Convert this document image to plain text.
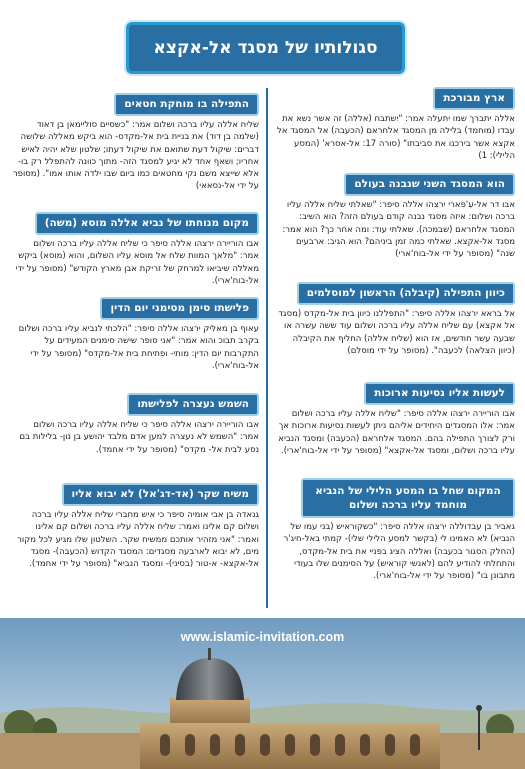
סגולותיו של מסגד אל-אקצא
ארץ מבורכת
אללה יתברך שמו יתעלה אמר: "יִשתבח (אללה) זה אשר נשא את עבדו (מוחמד) בלילה מן המסגד אלחראם (הכעבה) אל המסגד אל אקצא אשר בירכנו את סביבתו" (סורה 17: אל-אסרא' (המסע הלילי): 1)
הוא המסגד השני שנבנה בעולם
אבו דר אל-עִ'פארי ירצהו אללה סיפר: "שאלתי שליח אללה עליו ברכה ושלום: איזה מסגד נבנה קודם בעולם הזה? הוא השיב: המסגד אלחראם (שבמכה). שאלתי עוד: ומה אחר כך? הוא אמר: מסגד אל-אקצא. שאלתי כמה זמן ביניהם? הוא הגיב: ארבעים שנה" (מסופר על ידי אל-בוח'ארי)
כיוון התפילה (קיבלה) הראשון למוסלמים
אל בראא ירצהו אללה סיפר: "התפללנו כיוון בית אל-מקדס (מסגד אל אקצא) עם שליח אללה עליו ברכה ושלום עוד ששה עשרה או שבעה עשר חודשים, אז הוא (שליח אללה) החליף את הקיבלה (כיוון הצלאה) לכעבה". (מסופר על ידי מוסלם)
לעשות אליו נסיעות ארוכות
אבו הוריירה ירצהו אללה סיפר: "שליח אללה עליו ברכה ושלום אמר: אלו המסגדים היחידים אליהם ניתן לעשות נסיעות ארוכות אך ורק לצורך התפילה בהם. המסגד אלחראם (הכעבה) ומסגד הנביא עליו ברכה ושלום, ומסגד אל-אקצא" (מסופר על ידי אל-בוח'ארי).
המקום שחל בו המסע הלילי של הנביא מוחמד עליו ברכה ושלום
גאביר בן עבדוללה ירצהו אללה סיפר: "כשקוראיש (בני עמו של הנביא) לא האמינו לי (בקשר למסע הלילי שלי)- קמתי באל-חיג'ר (החלק הסגור בכעבה) ואללה הציג בפניי את בית אל-מקדס, והתחלתי להודיע להם (לאנשי קוראיש) על הסימנים שלו בעודי מתבונן בו" (מסופר על ידי אל-בוח'ארי).
התפילה בו מוחקת חטאים
שליח אללה עליו ברכה ושלום אמר: "כשסיים סוליימאן בן דאוד (שלמה בן דוד) את בניית בית אל-מקדס- הוא ביקש מאללה שלושה דברים: שיקול דעת שתואם את שיקול דעתו; שלטון שלא יהיה לאיש אחריו; ושאף אחד לא יגיע למסגד הזה- מתוך כוונה להתפלל רק בו- אלא שייצא משם נקי מחטאים כמו ביום שבו ילדה אותו אמו". (מסופר על ידי אל-נסאאי)
מקום מנוחתו של נביא אללה מוסא (משה)
אבו הוריירה ירצהו אללה סיפר כי שליח אללה עליו ברכה ושלום אמר: "מלאך המוות שלח אל מוסא עליו השלום, והוא (מוסא) ביקש מאללה שיביאו למרחק של זריקת אבן מארץ הקודש" (מסופר על ידי אל-בוח'ארי).
פלישתו סימן מסימני יום הדין
עאוף בן מאלִּיק ירצהו אללה סיפר: "הלכתי לנביא עליו ברכה ושלום בקרב תבוכ והוא אמר: "אני סופר שישה סימנים המעידים על התקרבות יום הדין: מותי- ופתיחת בית אל-מקדס" (מסופר על ידי אל-בוח'ארי).
השמש נעצרה לפלישתו
אבו הוריירה ירצהו אללה סיפר כי שליח אללה עליו ברכה ושלום אמר: "השמש לא נעצרה למען אדם מלבד יהושע בן נון- בלילות בם נסע לבית אל- מקדס" (מסופר על ידי אחמד).
משיח שקר (אד-דג'אל) לא יבוא אליו
גנאדה בן אבי אומיה סיפר כי איש מחברי שליח אללה עליו ברכה ושלום קם אלינו ואמר: שליח אללה עליו ברכה ושלום קם אלינו ואמר: "אני מזהיר אותכם ממשיח שקר. השלטון שלו מגיע לכל מקור מים, לא יבוא לארבעה מסגדים: המסגד הקדוש (הכעבה)- מסגד אל-אקצא- א-טור (בסיני)- ומסגד הנביא" (מסופר על ידי אחמד).
www.islamic-invitation.com
